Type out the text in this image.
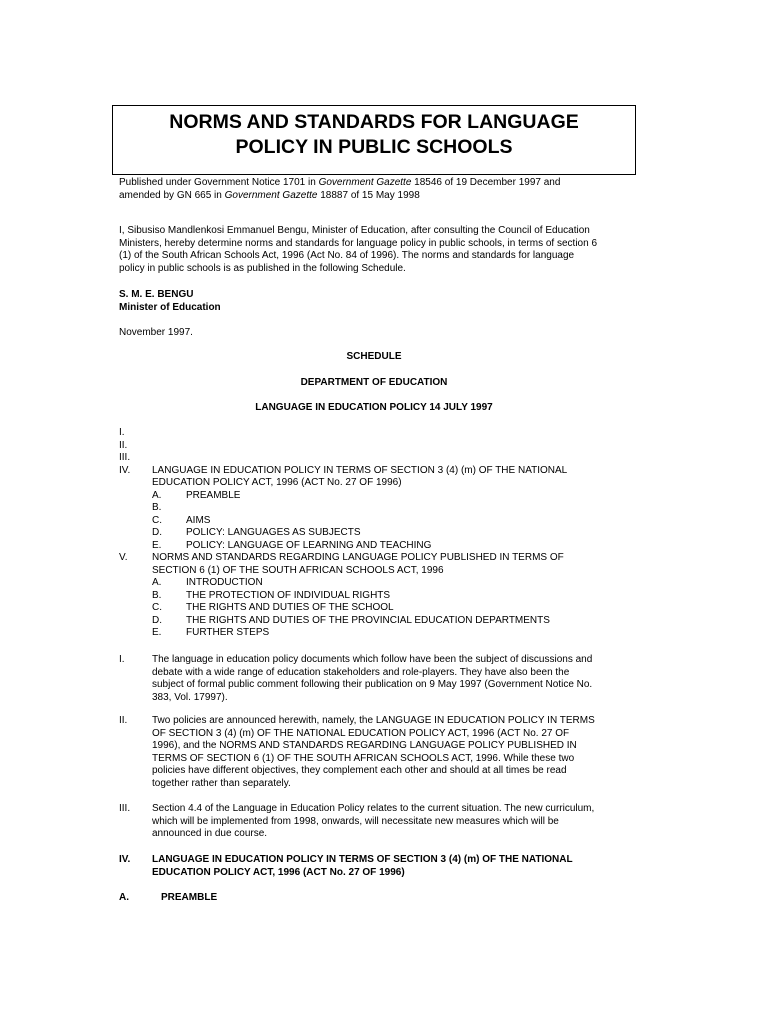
NORMS AND STANDARDS FOR LANGUAGE
POLICY IN PUBLIC SCHOOLS
Published under Government Notice 1701 in Government Gazette 18546 of 19 December 1997 and
amended by GN 665 in Government Gazette 18887 of 15 May 1998
I, Sibusiso Mandlenkosi Emmanuel Bengu, Minister of Education, after consulting the Council of Education
Ministers, hereby determine norms and standards for language policy in public schools, in terms of section 6
(1) of the South African Schools Act, 1996 (Act No. 84 of 1996). The norms and standards for language
policy in public schools is as published in the following Schedule.
S. M. E. BENGU
Minister of Education
November 1997.
SCHEDULE
DEPARTMENT OF EDUCATION
LANGUAGE IN EDUCATION POLICY 14 JULY 1997
I.
II.
III.
IV. LANGUAGE IN EDUCATION POLICY IN TERMS OF SECTION 3 (4) (m) OF THE NATIONAL
EDUCATION POLICY ACT, 1996 (ACT No. 27 OF 1996)
A. PREAMBLE
B.
C. AIMS
D. POLICY: LANGUAGES AS SUBJECTS
E. POLICY: LANGUAGE OF LEARNING AND TEACHING
V. NORMS AND STANDARDS REGARDING LANGUAGE POLICY PUBLISHED IN TERMS OF
SECTION 6 (1) OF THE SOUTH AFRICAN SCHOOLS ACT, 1996
A. INTRODUCTION
B. THE PROTECTION OF INDIVIDUAL RIGHTS
C. THE RIGHTS AND DUTIES OF THE SCHOOL
D. THE RIGHTS AND DUTIES OF THE PROVINCIAL EDUCATION DEPARTMENTS
E. FURTHER STEPS
I.	The language in education policy documents which follow have been the subject of discussions and
debate with a wide range of education stakeholders and role-players. They have also been the
subject of formal public comment following their publication on 9 May 1997 (Government Notice No.
383, Vol. 17997).
II. Two policies are announced herewith, namely, the LANGUAGE IN EDUCATION POLICY IN TERMS
OF SECTION 3 (4) (m) OF THE NATIONAL EDUCATION POLICY ACT, 1996 (ACT No. 27 OF
1996), and the NORMS AND STANDARDS REGARDING LANGUAGE POLICY PUBLISHED IN
TERMS OF SECTION 6 (1) OF THE SOUTH AFRICAN SCHOOLS ACT, 1996. While these two
policies have different objectives, they complement each other and should at all times be read
together rather than separately.
III. Section 4.4 of the Language in Education Policy relates to the current situation. The new curriculum,
which will be implemented from 1998, onwards, will necessitate new measures which will be
announced in due course.
IV. LANGUAGE IN EDUCATION POLICY IN TERMS OF SECTION 3 (4) (m) OF THE NATIONAL
EDUCATION POLICY ACT, 1996 (ACT No. 27 OF 1996)
A.	PREAMBLE
